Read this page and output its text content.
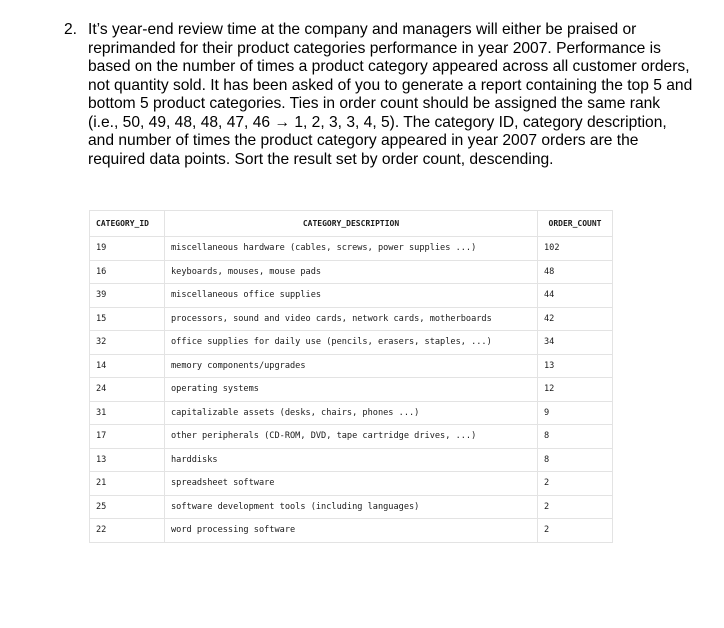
2. It’s year-end review time at the company and managers will either be praised or reprimanded for their product categories performance in year 2007. Performance is based on the number of times a product category appeared across all customer orders, not quantity sold. It has been asked of you to generate a report containing the top 5 and bottom 5 product categories. Ties in order count should be assigned the same rank (i.e., 50, 49, 48, 48, 47, 46 → 1, 2, 3, 3, 4, 5). The category ID, category description, and number of times the product category appeared in year 2007 orders are the required data points. Sort the result set by order count, descending.
CATEGORY_ID	CATEGORY_DESCRIPTION	ORDER_COUNT
19	miscellaneous hardware (cables, screws, power supplies ...)	102
16	keyboards, mouses, mouse pads	48
39	miscellaneous office supplies	44
15	processors, sound and video cards, network cards, motherboards	42
32	office supplies for daily use (pencils, erasers, staples, ...)	34
14	memory components/upgrades	13
24	operating systems	12
31	capitalizable assets (desks, chairs, phones ...)	9
17	other peripherals (CD-ROM, DVD, tape cartridge drives, ...)	8
13	harddisks	8
21	spreadsheet software	2
25	software development tools (including languages)	2
22	word processing software	2
